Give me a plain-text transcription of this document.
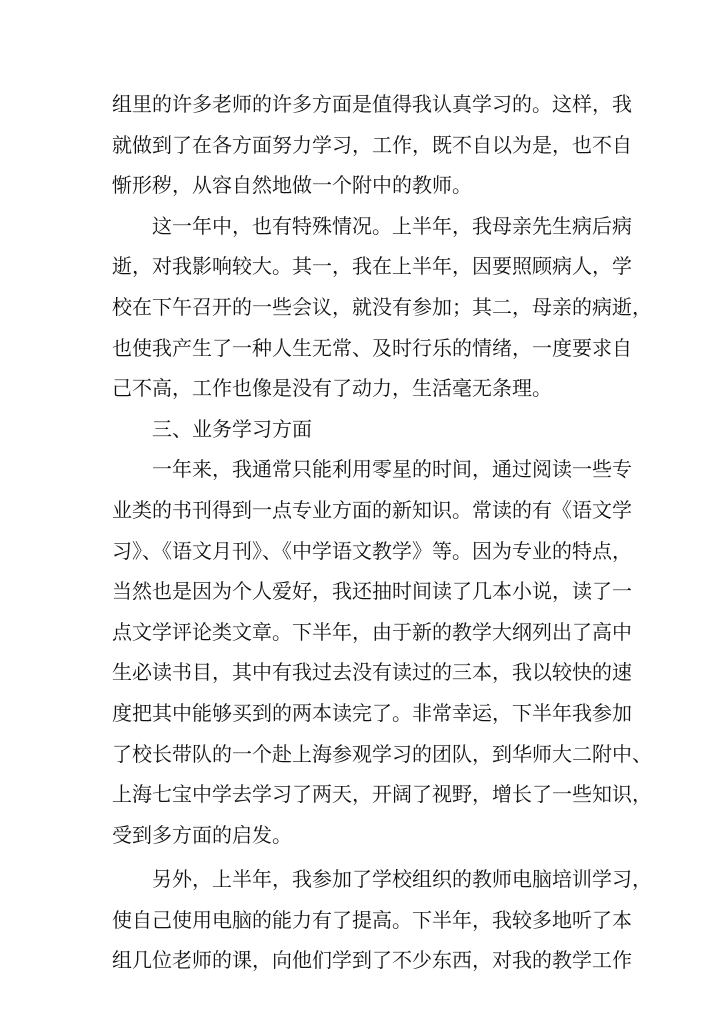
组里的许多老师的许多方面是值得我认真学习的。这样，我
就做到了在各方面努力学习，工作，既不自以为是，也不自
惭形秽，从容自然地做一个附中的教师。
这一年中，也有特殊情况。上半年，我母亲先生病后病
逝，对我影响较大。其一，我在上半年，因要照顾病人，学
校在下午召开的一些会议，就没有参加；其二，母亲的病逝，
也使我产生了一种人生无常、及时行乐的情绪，一度要求自
己不高，工作也像是没有了动力，生活毫无条理。
三、业务学习方面
一年来，我通常只能利用零星的时间，通过阅读一些专
业类的书刊得到一点专业方面的新知识。常读的有《语文学
习》、《语文月刊》、《中学语文教学》等。因为专业的特点，
当然也是因为个人爱好，我还抽时间读了几本小说，读了一
点文学评论类文章。下半年，由于新的教学大纲列出了高中
生必读书目，其中有我过去没有读过的三本，我以较快的速
度把其中能够买到的两本读完了。非常幸运，下半年我参加
了校长带队的一个赴上海参观学习的团队，到华师大二附中、
上海七宝中学去学习了两天，开阔了视野，增长了一些知识，
受到多方面的启发。
另外，上半年，我参加了学校组织的教师电脑培训学习，
使自己使用电脑的能力有了提高。下半年，我较多地听了本
组几位老师的课，向他们学到了不少东西，对我的教学工作
